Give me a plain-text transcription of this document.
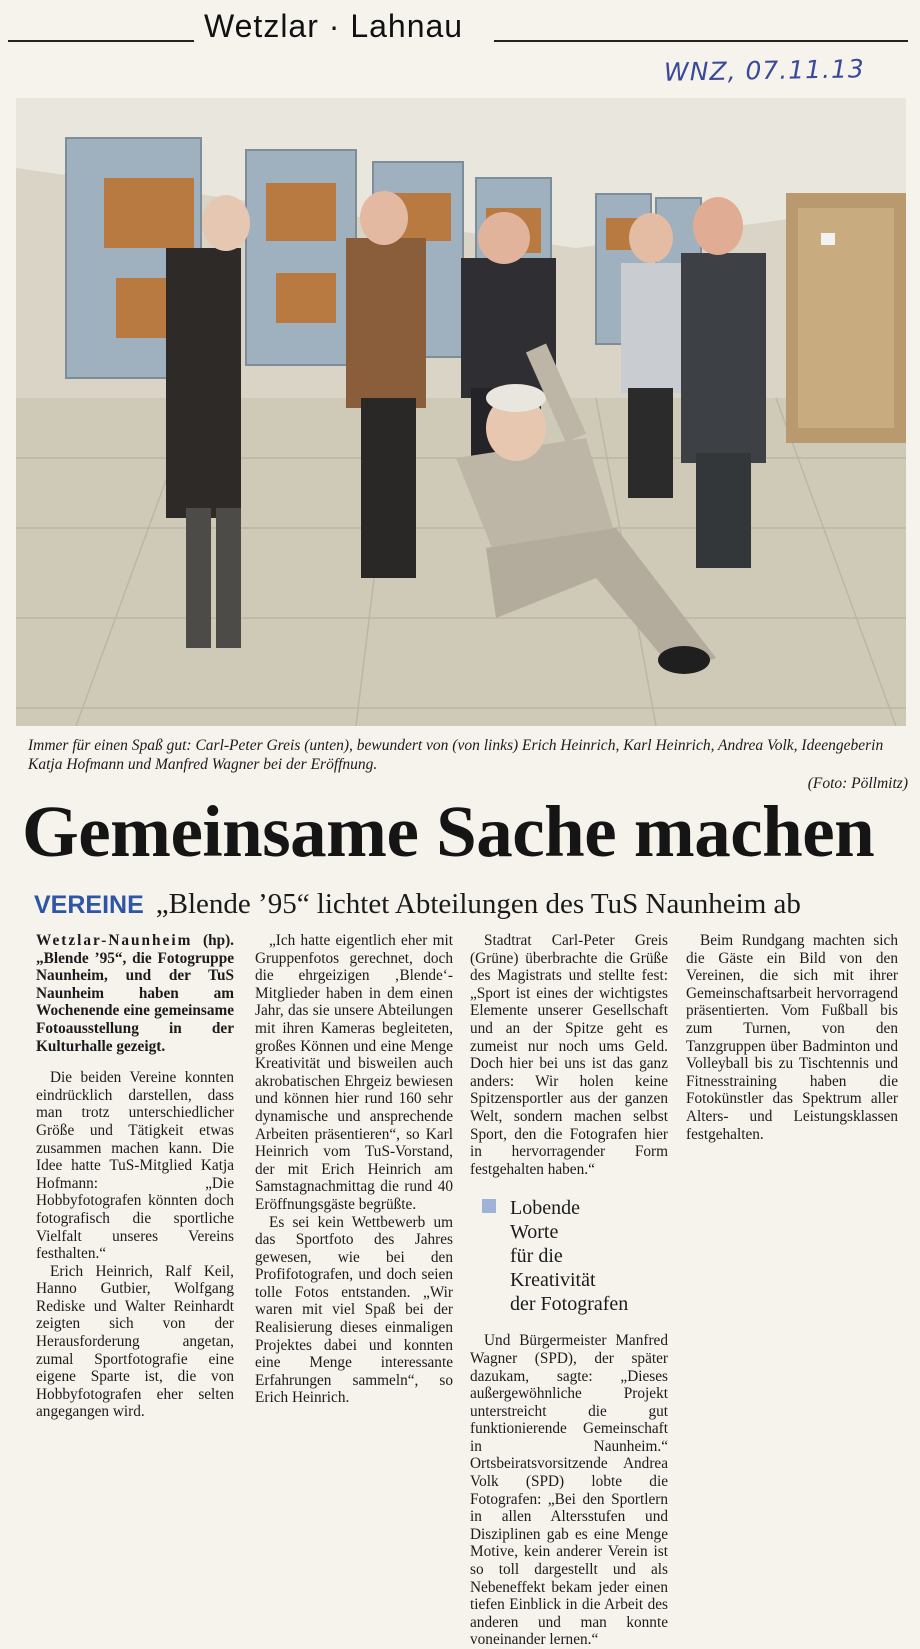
Wetzlar · Lahnau
WNZ, 07.11.13
Immer für einen Spaß gut: Carl-Peter Greis (unten), bewundert von (von links) Erich Heinrich, Karl Heinrich, Andrea Volk, Ideengeberin Katja Hofmann und Manfred Wagner bei der Eröffnung.
(Foto: Pöllmitz)
Gemeinsame Sache machen
VEREINE „Blende ’95“ lichtet Abteilungen des TuS Naunheim ab

Wetzlar-Naunheim (hp). „Blende ’95“, die Fotogruppe Naunheim, und der TuS Naunheim haben am Wochenende eine gemeinsame Fotoausstellung in der Kulturhalle gezeigt.

Die beiden Vereine konnten eindrücklich darstellen, dass man trotz unterschiedlicher Größe und Tätigkeit etwas zusammen machen kann. Die Idee hatte TuS-Mitglied Katja Hofmann: „Die Hobbyfotografen könnten doch fotografisch die sportliche Vielfalt unseres Vereins festhalten.“

Erich Heinrich, Ralf Keil, Hanno Gutbier, Wolfgang Rediske und Walter Reinhardt zeigten sich von der Herausforderung angetan, zumal Sportfotografie eine eigene Sparte ist, die von Hobbyfotografen eher selten angegangen wird.

„Ich hatte eigentlich eher mit Gruppenfotos gerechnet, doch die ehrgeizigen ‚Blende‘-Mitglieder haben in dem einen Jahr, das sie unsere Abteilungen mit ihren Kameras begleiteten, großes Können und eine Menge Kreativität und bisweilen auch akrobatischen Ehrgeiz bewiesen und können hier rund 160 sehr dynamische und ansprechende Arbeiten präsentieren“, so Karl Heinrich vom TuS-Vorstand, der mit Erich Heinrich am Samstagnachmittag die rund 40 Eröffnungsgäste begrüßte.

Es sei kein Wettbewerb um das Sportfoto des Jahres gewesen, wie bei den Profifotografen, und doch seien tolle Fotos entstanden. „Wir waren mit viel Spaß bei der Realisierung dieses einmaligen Projektes dabei und konnten eine Menge interessante Erfahrungen sammeln“, so Erich Heinrich.

Stadtrat Carl-Peter Greis (Grüne) überbrachte die Grüße des Magistrats und stellte fest: „Sport ist eines der wichtigstes Elemente unserer Gesellschaft und an der Spitze geht es zumeist nur noch ums Geld. Doch hier bei uns ist das ganz anders: Wir holen keine Spitzensportler aus der ganzen Welt, sondern machen selbst Sport, den die Fotografen hier in hervorragender Form festgehalten haben.“

Lobende
Worte
für die
Kreativität
der Fotografen

Und Bürgermeister Manfred Wagner (SPD), der später dazukam, sagte: „Dieses außergewöhnliche Projekt unterstreicht die gut funktionierende Gemeinschaft in Naunheim.“ Ortsbeiratsvorsitzende Andrea Volk (SPD) lobte die Fotografen: „Bei den Sportlern in allen Altersstufen und Disziplinen gab es eine Menge Motive, kein anderer Verein ist so toll dargestellt und als Nebeneffekt bekam jeder einen tiefen Einblick in die Arbeit des anderen und man konnte voneinander lernen.“

Beim Rundgang machten sich die Gäste ein Bild von den Vereinen, die sich mit ihrer Gemeinschaftsarbeit hervorragend präsentierten. Vom Fußball bis zum Turnen, von den Tanzgruppen über Badminton und Volleyball bis zu Tischtennis und Fitnesstraining haben die Fotokünstler das Spektrum aller Alters- und Leistungsklassen festgehalten.
